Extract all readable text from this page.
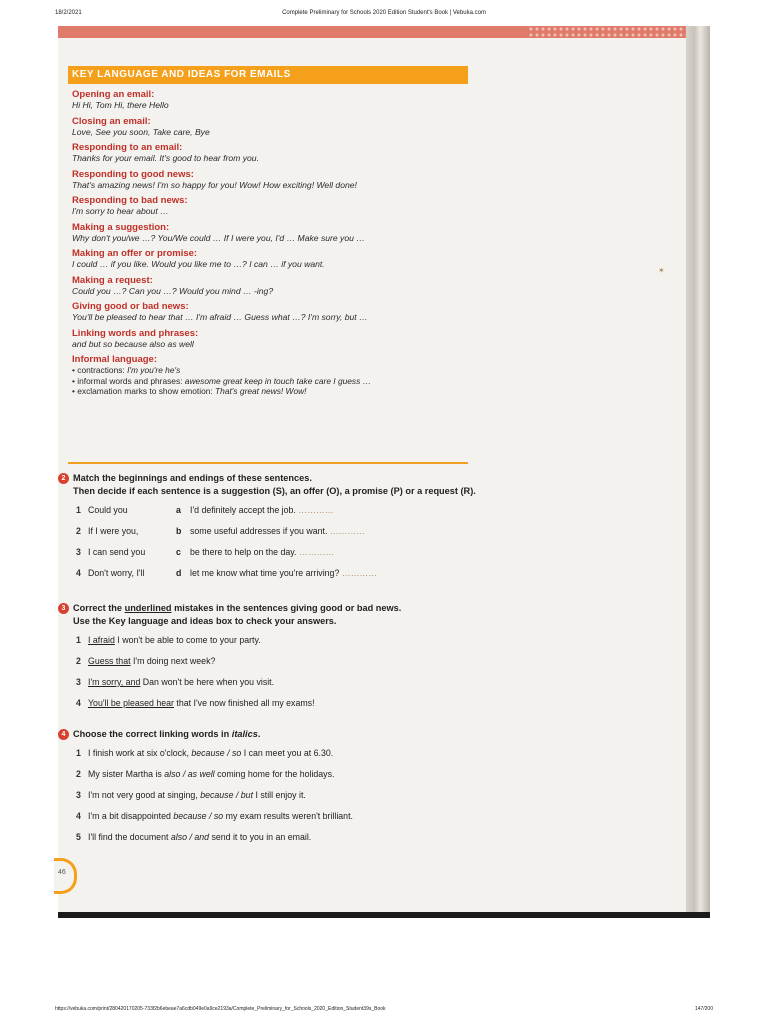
18/2/2021	Complete Preliminary for Schools 2020 Edition Student's Book | Vebuka.com
✶
KEY LANGUAGE AND IDEAS FOR EMAILS
Opening an email:
Hi Hi, Tom Hi, there Hello
Closing an email:
Love, See you soon, Take care, Bye
Responding to an email:
Thanks for your email. It's good to hear from you.
Responding to good news:
That's amazing news! I'm so happy for you! Wow! How exciting! Well done!
Responding to bad news:
I'm sorry to hear about …
Making a suggestion:
Why don't you/we …? You/We could … If I were you, I'd … Make sure you …
Making an offer or promise:
I could … if you like. Would you like me to …? I can … if you want.
Making a request:
Could you …? Can you …? Would you mind … -ing?
Giving good or bad news:
You'll be pleased to hear that … I'm afraid … Guess what …? I'm sorry, but …
Linking words and phrases:
and but so because also as well
Informal language:
• contractions: I'm you're he's
• informal words and phrases: awesome great keep in touch take care I guess …
• exclamation marks to show emotion: That's great news! Wow!
2 Match the beginnings and endings of these sentences.
Then decide if each sentence is a suggestion (S), an offer (O), a promise (P) or a request (R).
1 Could you	a I'd definitely accept the job. …………
2 If I were you,	b some useful addresses if you want. …………
3 I can send you	c be there to help on the day. …………
4 Don't worry, I'll	d let me know what time you're arriving? …………
3 Correct the underlined mistakes in the sentences giving good or bad news.
Use the Key language and ideas box to check your answers.
1 I afraid I won't be able to come to your party.
2 Guess that I'm doing next week?
3 I'm sorry, and Dan won't be here when you visit.
4 You'll be pleased hear that I've now finished all my exams!
4 Choose the correct linking words in italics.
1 I finish work at six o'clock, because / so I can meet you at 6.30.
2 My sister Martha is also / as well coming home for the holidays.
3 I'm not very good at singing, because / but I still enjoy it.
4 I'm a bit disappointed because / so my exam results weren't brilliant.
5 I'll find the document also / and send it to you in an email.
46
https://vebuka.com/print/280420170205-733f2b6ebeae7a6cdb049e0a9ce2193a/Complete_Preliminary_for_Schools_2020_Edition_Student39s_Book	147/200
